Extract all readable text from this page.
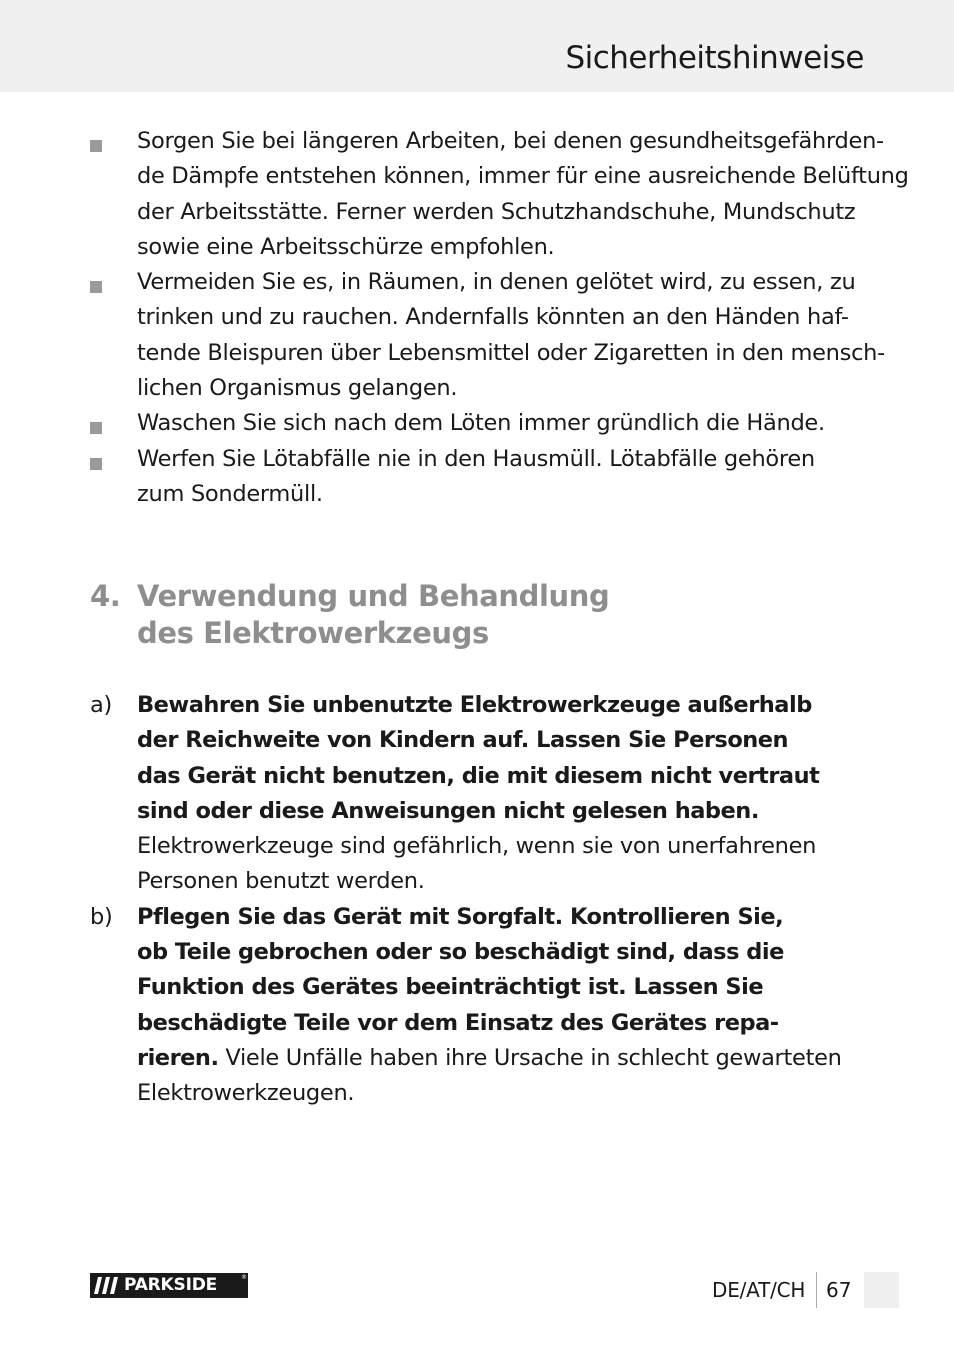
Sicherheitshinweise
Sorgen Sie bei längeren Arbeiten, bei denen gesundheitsgefährden-
de Dämpfe entstehen können, immer für eine ausreichende Belüftung
der Arbeitsstätte. Ferner werden Schutzhandschuhe, Mundschutz
sowie eine Arbeitsschürze empfohlen.
Vermeiden Sie es, in Räumen, in denen gelötet wird, zu essen, zu
trinken und zu rauchen. Andernfalls könnten an den Händen haf-
tende Bleispuren über Lebensmittel oder Zigaretten in den mensch-
lichen Organismus gelangen.
Waschen Sie sich nach dem Löten immer gründlich die Hände.
Werfen Sie Lötabfälle nie in den Hausmüll. Lötabfälle gehören
zum Sondermüll.
4. Verwendung und Behandlung
des Elektrowerkzeugs
a) Bewahren Sie unbenutzte Elektrowerkzeuge außerhalb
der Reichweite von Kindern auf. Lassen Sie Personen
das Gerät nicht benutzen, die mit diesem nicht vertraut
sind oder diese Anweisungen nicht gelesen haben.
Elektrowerkzeuge sind gefährlich, wenn sie von unerfahrenen
Personen benutzt werden.
b) Pflegen Sie das Gerät mit Sorgfalt. Kontrollieren Sie,
ob Teile gebrochen oder so beschädigt sind, dass die
Funktion des Gerätes beeinträchtigt ist. Lassen Sie
beschädigte Teile vor dem Einsatz des Gerätes repa-
rieren. Viele Unfälle haben ihre Ursache in schlecht gewarteten
Elektrowerkzeugen.
PARKSIDE	®
DE/AT/CH 67
